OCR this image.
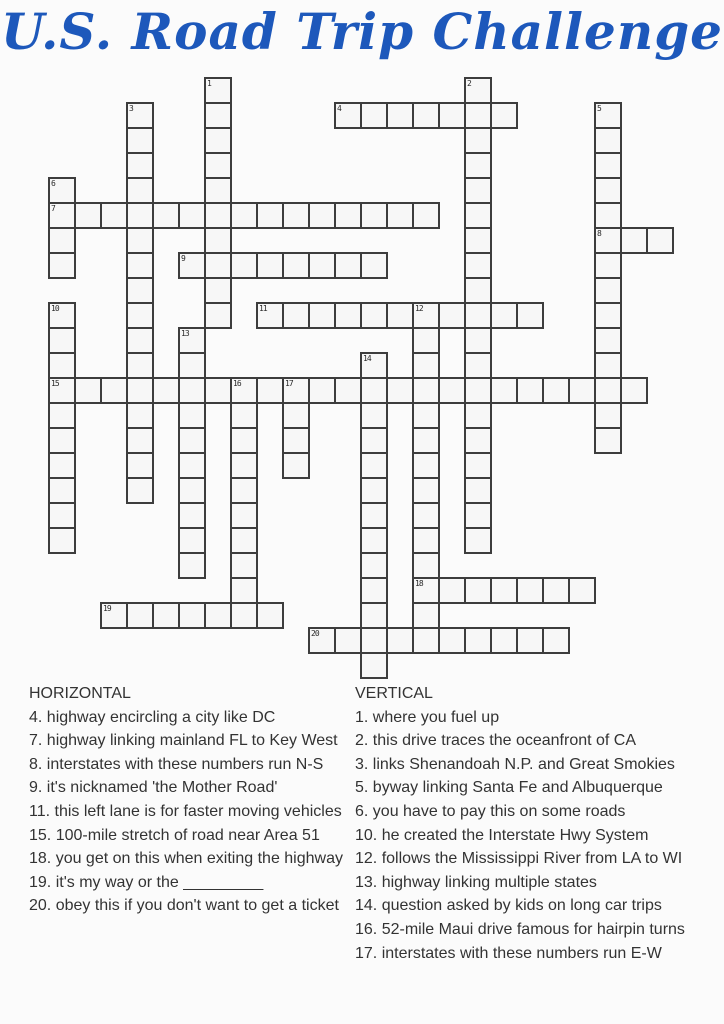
U.S. Road Trip Challenge
1	2
3	4	5
8
6
7
9
10
15
11	12
18
13
14
16	17
19
20
HORIZONTAL
4. highway encircling a city like DC
7. highway linking mainland FL to Key West
8. interstates with these numbers run N-S
9. it's nicknamed 'the Mother Road'
11. this left lane is for faster moving vehicles
15. 100-mile stretch of road near Area 51
18. you get on this when exiting the highway
19. it's my way or the _________
20. obey this if you don't want to get a ticket
VERTICAL
1. where you fuel up
2. this drive traces the oceanfront of CA
3. links Shenandoah N.P. and Great Smokies
5. byway linking Santa Fe and Albuquerque
6. you have to pay this on some roads
10. he created the Interstate Hwy System
12. follows the Mississippi River from LA to WI
13. highway linking multiple states
14. question asked by kids on long car trips
16. 52-mile Maui drive famous for hairpin turns
17. interstates with these numbers run E-W
